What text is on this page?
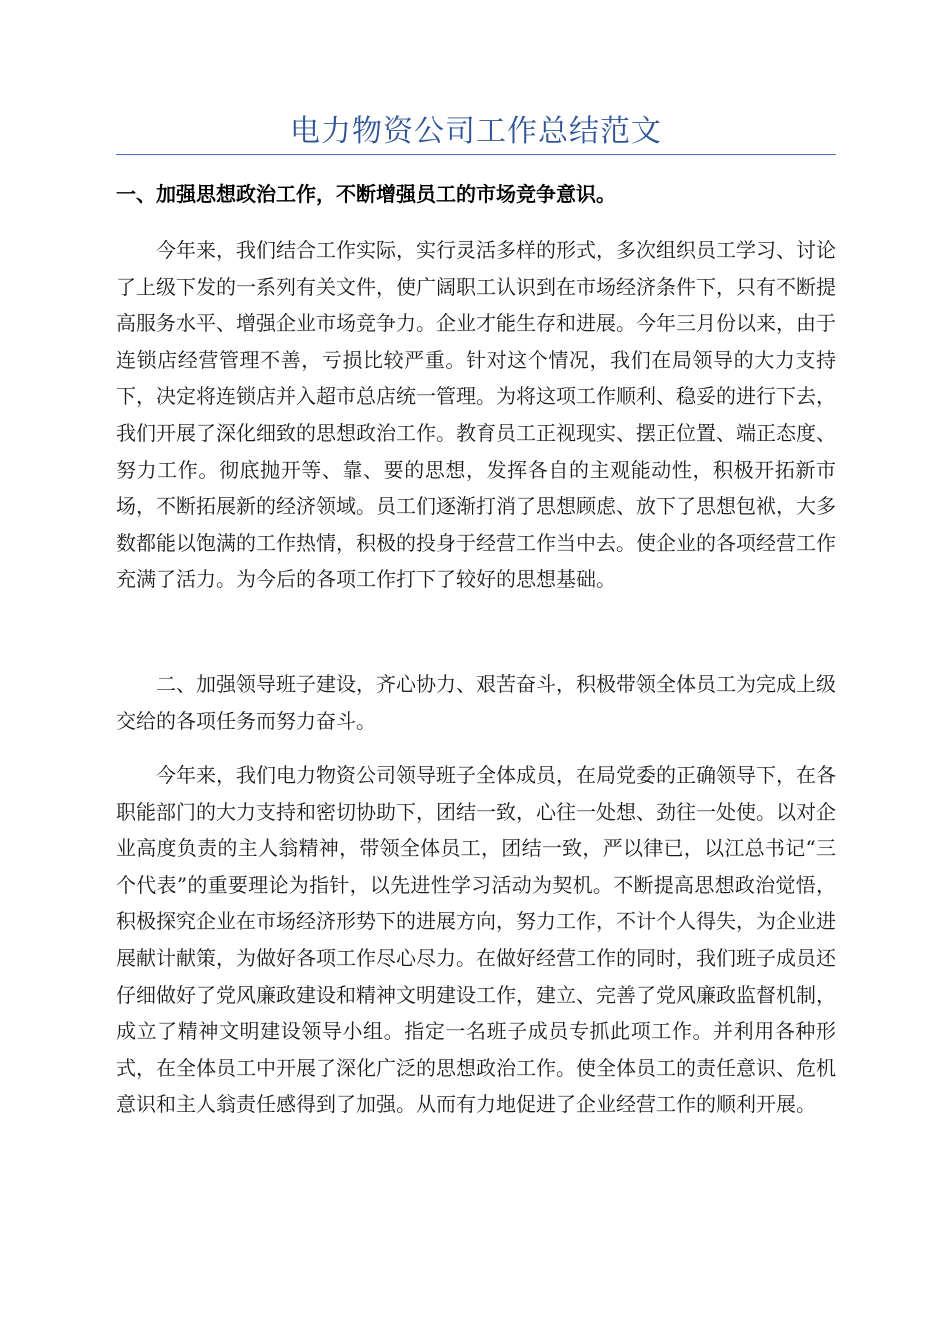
电力物资公司工作总结范文
一、加强思想政治工作，不断增强员工的市场竞争意识。
今年来，我们结合工作实际，实行灵活多样的形式，多次组织员工学习、讨论了上级下发的一系列有关文件，使广阔职工认识到在市场经济条件下，只有不断提高服务水平、增强企业市场竞争力。企业才能生存和进展。今年三月份以来，由于连锁店经营管理不善，亏损比较严重。针对这个情况，我们在局领导的大力支持下，决定将连锁店并入超市总店统一管理。为将这项工作顺利、稳妥的进行下去，我们开展了深化细致的思想政治工作。教育员工正视现实、摆正位置、端正态度、努力工作。彻底抛开等、靠、要的思想，发挥各自的主观能动性，积极开拓新市场，不断拓展新的经济领域。员工们逐渐打消了思想顾虑、放下了思想包袱，大多数都能以饱满的工作热情，积极的投身于经营工作当中去。使企业的各项经营工作充满了活力。为今后的各项工作打下了较好的思想基础。
二、加强领导班子建设，齐心协力、艰苦奋斗，积极带领全体员工为完成上级交给的各项任务而努力奋斗。
今年来，我们电力物资公司领导班子全体成员，在局党委的正确领导下，在各职能部门的大力支持和密切协助下，团结一致，心往一处想、劲往一处使。以对企业高度负责的主人翁精神，带领全体员工，团结一致，严以律已，以江总书记“三个代表”的重要理论为指针，以先进性学习活动为契机。不断提高思想政治觉悟，积极探究企业在市场经济形势下的进展方向，努力工作，不计个人得失，为企业进展献计献策，为做好各项工作尽心尽力。在做好经营工作的同时，我们班子成员还仔细做好了党风廉政建设和精神文明建设工作，建立、完善了党风廉政监督机制，成立了精神文明建设领导小组。指定一名班子成员专抓此项工作。并利用各种形式，在全体员工中开展了深化广泛的思想政治工作。使全体员工的责任意识、危机意识和主人翁责任感得到了加强。从而有力地促进了企业经营工作的顺利开展。
